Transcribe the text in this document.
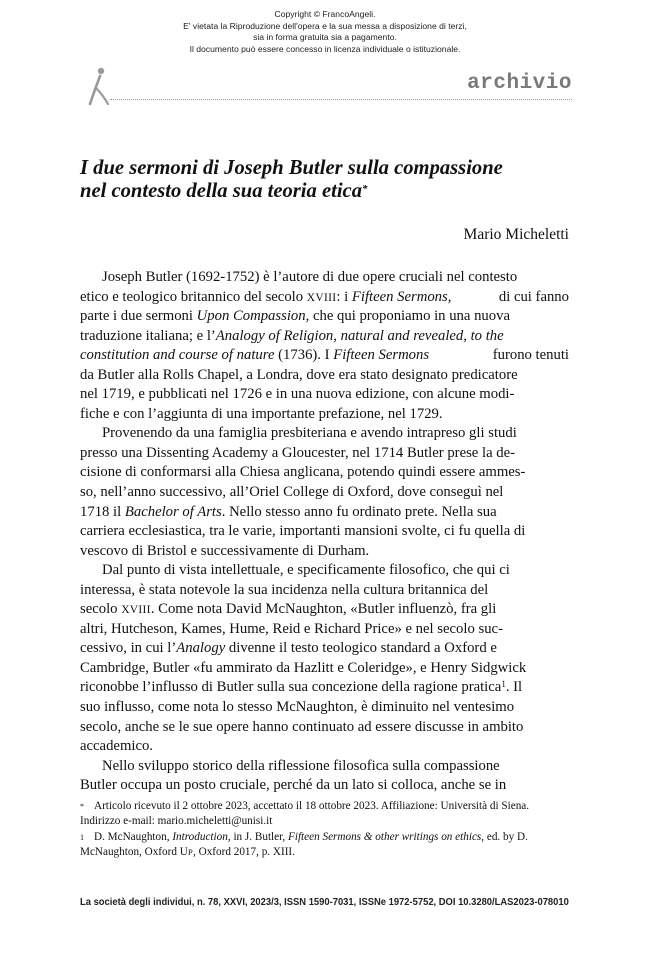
Copyright © FrancoAngeli.
E' vietata la Riproduzione dell'opera e la sua messa a disposizione di terzi,
sia in forma gratuita sia a pagamento.
Il documento può essere concesso in licenza individuale o istituzionale.
archivio
I due sermoni di Joseph Butler sulla compassione
nel contesto della sua teoria etica*
Mario Micheletti
Joseph Butler (1692-1752) è l’autore di due opere cruciali nel contesto
etico e teologico britannico del secolo XVIII: i Fifteen Sermons,	di cui fanno
parte i due sermoni Upon Compassion, che qui proponiamo in una nuova
traduzione italiana; e l’Analogy of Religion, natural and revealed, to the
constitution and course of nature (1736). I Fifteen Sermons	furono tenuti
da Butler alla Rolls Chapel, a Londra, dove era stato designato predicatore
nel 1719, e pubblicati nel 1726 e in una nuova edizione, con alcune modi-
fiche e con l’aggiunta di una importante prefazione, nel 1729.
Provenendo da una famiglia presbiteriana e avendo intrapreso gli studi
presso una Dissenting Academy a Gloucester, nel 1714 Butler prese la de-
cisione di conformarsi alla Chiesa anglicana, potendo quindi essere ammes-
so, nell’anno successivo, all’Oriel College di Oxford, dove conseguì nel
1718 il Bachelor of Arts. Nello stesso anno fu ordinato prete. Nella sua
carriera ecclesiastica, tra le varie, importanti mansioni svolte, ci fu quella di
vescovo di Bristol e successivamente di Durham.
Dal punto di vista intellettuale, e specificamente filosofico, che qui ci
interessa, è stata notevole la sua incidenza nella cultura britannica del
secolo XVIII. Come nota David McNaughton, «Butler influenzò, fra gli
altri, Hutcheson, Kames, Hume, Reid e Richard Price» e nel secolo suc-
cessivo, in cui l’Analogy divenne il testo teologico standard a Oxford e
Cambridge, Butler «fu ammirato da Hazlitt e Coleridge», e Henry Sidgwick
riconobbe l’influsso di Butler sulla sua concezione della ragione pratica$^1$. Il
suo influsso, come nota lo stesso McNaughton, è diminuito nel ventesimo
secolo, anche se le sue opere hanno continuato ad essere discusse in ambito
accademico.
Nello sviluppo storico della riflessione filosofica sulla compassione
Butler occupa un posto cruciale, perché da un lato si colloca, anche se in
* Articolo ricevuto il 2 ottobre 2023, accettato il 18 ottobre 2023. Affiliazione: Università di Siena.
Indirizzo e-mail: mario.micheletti@unisi.it
1 D. McNaughton, Introduction, in J. Butler, Fifteen Sermons & other writings on ethics, ed. by D.
McNaughton, Oxford UP, Oxford 2017, p. XIII.
La società degli individui, n. 78, XXVI, 2023/3, ISSN 1590-7031, ISSNe 1972-5752, DOI 10.3280/LAS2023-078010
